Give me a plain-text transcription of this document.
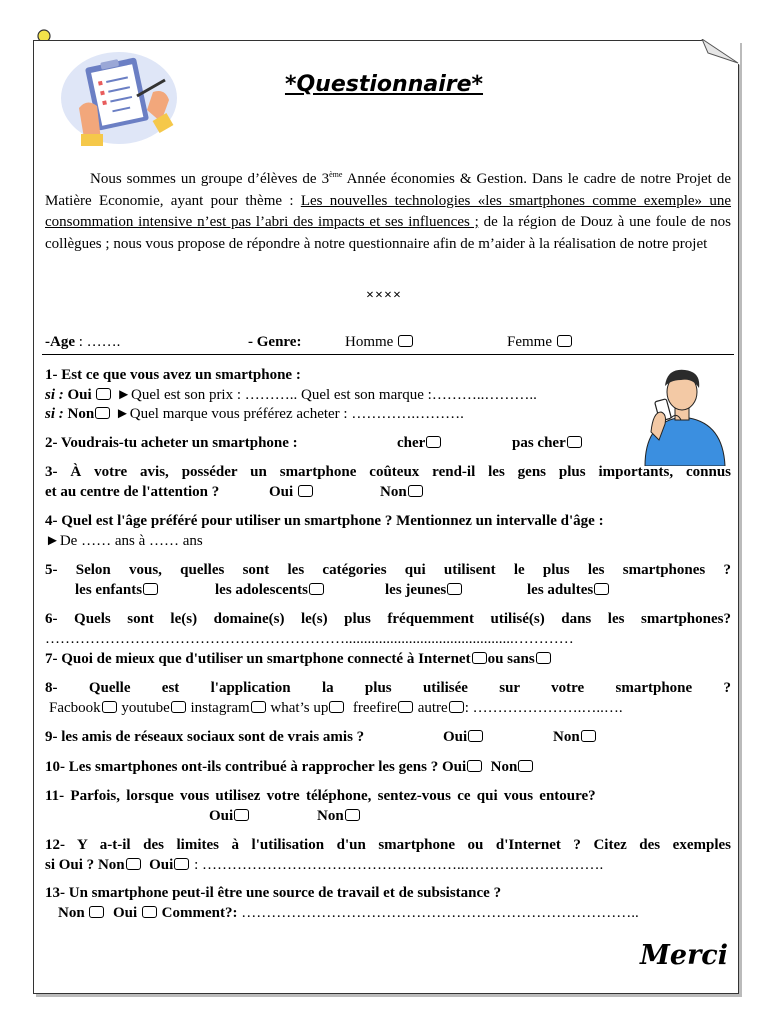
*Questionnaire*
Nous sommes un groupe d’élèves de 3ème Année économies & Gestion. Dans le cadre de notre Projet de Matière Economie, ayant pour thème : Les nouvelles technologies «les smartphones comme exemple» une consommation intensive n’est pas l’abri des impacts et ses influences ; de la région de Douz à une foule de nos collègues ; nous vous propose de répondre à notre questionnaire afin de m’aider à la réalisation de notre projet
××××
-Age : …….	- Genre:	Homme	Femme
1- Est ce que vous avez un smartphone :
si : Oui ►Quel est son prix : ……….. Quel est son marque :………..………..
si : Non ►Quel marque vous préférez acheter : ………….……….
2- Voudrais-tu acheter un smartphone :	cher	pas cher
3- À votre avis, posséder un smartphone coûteux rend-il les gens plus importants, connus
et au centre de l'attention ?	Oui	Non
4- Quel est l'âge préféré pour utiliser un smartphone ? Mentionnez un intervalle d'âge :
►De …… ans à …… ans
5- Selon vous, quelles sont les catégories qui utilisent le plus les smartphones ?
les enfants	les adolescents	les jeunes	les adultes
6- Quels sont le(s) domaine(s) le(s) plus fréquemment utilisé(s) dans les smartphones?
…………………………………………………….............................................…………
7- Quoi de mieux que d'utiliser un smartphone connecté à Internet ou sans
8- Quelle est l'application la plus utilisée sur votre smartphone ?
Facbook youtube instagram what’s up freefire autre : ………………….…..….
9- les amis de réseaux sociaux sont de vrais amis ?	Oui	Non
10- Les smartphones ont-ils contribué à rapprocher les gens ? Oui Non
11- Parfois, lorsque vous utilisez votre téléphone, sentez-vous ce qui vous entoure?
Oui	Non
12- Y a-t-il des limites à l'utilisation d'un smartphone ou d'Internet ? Citez des exemples
si Oui ? Non Oui : ……………………………………………..……………………….
13- Un smartphone peut-il être une source de travail et de subsistance ?
Non Oui Comment?: ……………………………………………………………………..
Merci
